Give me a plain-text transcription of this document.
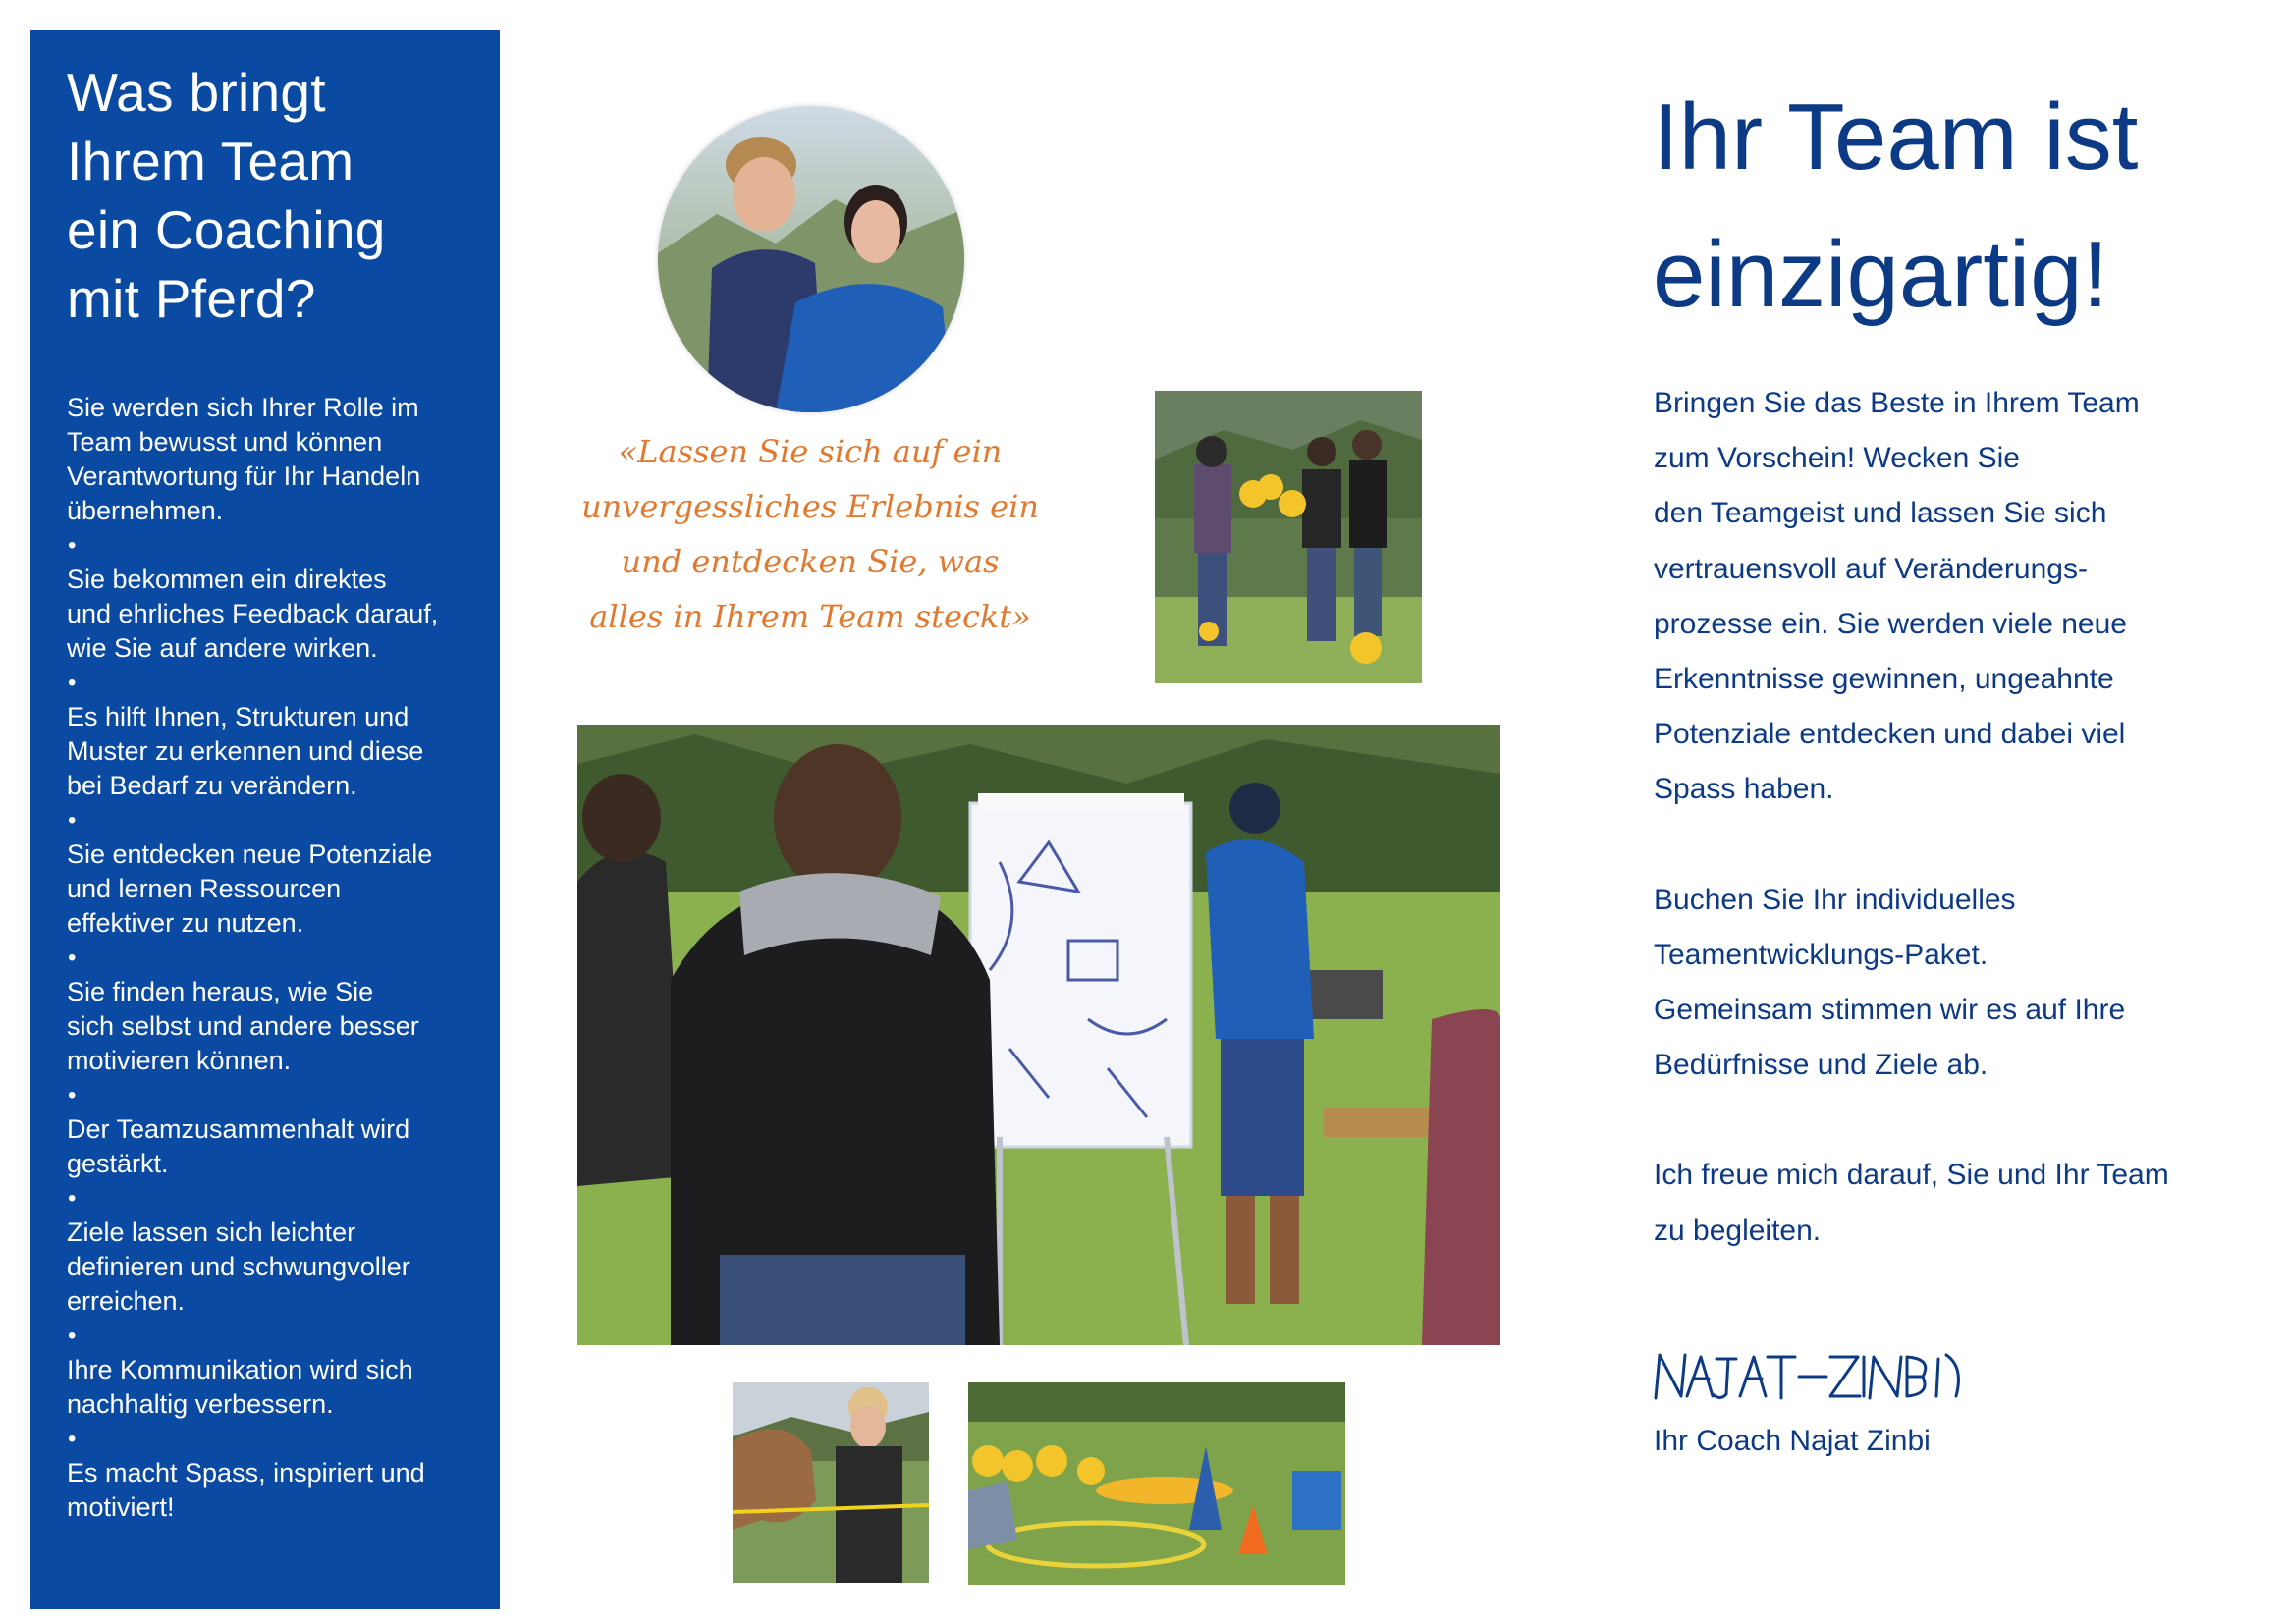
Was bringt
Ihrem Team
ein Coaching
mit Pferd?
Sie werden sich Ihrer Rolle im
Team bewusst und können
Verantwortung für Ihr Handeln
übernehmen.
•
Sie bekommen ein direktes
und ehrliches Feedback darauf,
wie Sie auf andere wirken.
•
Es hilft Ihnen, Strukturen und
Muster zu erkennen und diese
bei Bedarf zu verändern.
•
Sie entdecken neue Potenziale
und lernen Ressourcen
effektiver zu nutzen.
•
Sie finden heraus, wie Sie
sich selbst und andere besser
motivieren können.
•
Der Teamzusammenhalt wird
gestärkt.
•
Ziele lassen sich leichter
definieren und schwungvoller
erreichen.
•
Ihre Kommunikation wird sich
nachhaltig verbessern.
•
Es macht Spass, inspiriert und
motiviert!
«Lassen Sie sich auf ein
unvergessliches Erlebnis ein
und entdecken Sie, was
alles in Ihrem Team steckt»
Ihr Team ist
einzigartig!

Bringen Sie das Beste in Ihrem Team

zum Vorschein! Wecken Sie

den Teamgeist und lassen Sie sich

vertrauensvoll auf Veränderungs-

prozesse ein. Sie werden viele neue

Erkenntnisse gewinnen, ungeahnte

Potenziale entdecken und dabei viel

Spass haben.

Buchen Sie Ihr individuelles

Teamentwicklungs-Paket.

Gemeinsam stimmen wir es auf Ihre

Bedürfnisse und Ziele ab.

Ich freue mich darauf, Sie und Ihr Team

zu begleiten.

Ihr Coach Najat Zinbi
